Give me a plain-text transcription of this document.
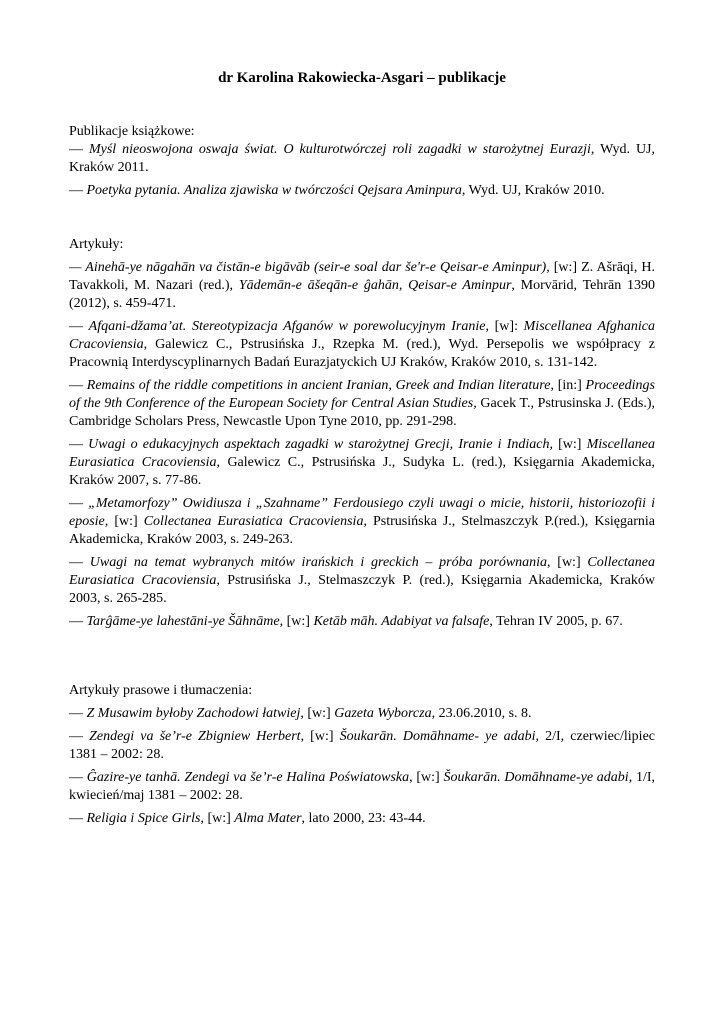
dr Karolina Rakowiecka-Asgari – publikacje
Publikacje książkowe:
— Myśl nieoswojona oswaja świat. O kulturotwórczej roli zagadki w starożytnej Eurazji, Wyd. UJ, Kraków 2011.
— Poetyka pytania. Analiza zjawiska w twórczości Qejsara Aminpura, Wyd. UJ, Kraków 2010.
Artykuły:
— Ainehā-ye nāgahān va čistān-e bigāvāb (seir-e soal dar še'r-e Qeisar-e Aminpur), [w:] Z. Ašrāqi, H. Tavakkoli, M. Nazari (red.), Yādemān-e āšeqān-e ĝahān, Qeisar-e Aminpur, Morvārid, Tehrān 1390 (2012), s. 459-471.
— Afqani-džama’at. Stereotypizacja Afganów w porewolucyjnym Iranie, [w]: Miscellanea Afghanica Cracoviensia, Galewicz C., Pstrusińska J., Rzepka M. (red.), Wyd. Persepolis we współpracy z Pracownią Interdyscyplinarnych Badań Eurazjatyckich UJ Kraków, Kraków 2010, s. 131-142.
— Remains of the riddle competitions in ancient Iranian, Greek and Indian literature, [in:] Proceedings of the 9th Conference of the European Society for Central Asian Studies, Gacek T., Pstrusinska J. (Eds.), Cambridge Scholars Press, Newcastle Upon Tyne 2010, pp. 291-298.
— Uwagi o edukacyjnych aspektach zagadki w starożytnej Grecji, Iranie i Indiach, [w:] Miscellanea Eurasiatica Cracoviensia, Galewicz C., Pstrusińska J., Sudyka L. (red.), Księgarnia Akademicka, Kraków 2007, s. 77-86.
— „Metamorfozy” Owidiusza i „Szahname” Ferdousiego czyli uwagi o micie, historii, historiozofii i eposie, [w:] Collectanea Eurasiatica Cracoviensia, Pstrusińska J., Stelmaszczyk P.(red.), Księgarnia Akademicka, Kraków 2003, s. 249-263.
— Uwagi na temat wybranych mitów irańskich i greckich – próba porównania, [w:] Collectanea Eurasiatica Cracoviensia, Pstrusińska J., Stelmaszczyk P. (red.), Księgarnia Akademicka, Kraków 2003, s. 265-285.
— Tarĝāme-ye lahestāni-ye Šāhnāme, [w:] Ketāb māh. Adabiyat va falsafe, Tehran IV 2005, p. 67.
Artykuły prasowe i tłumaczenia:
— Z Musawim byłoby Zachodowi łatwiej, [w:] Gazeta Wyborcza, 23.06.2010, s. 8.
— Zendegi va še’r-e Zbigniew Herbert, [w:] Šoukarān. Domāhname- ye adabi, 2/I, czerwiec/lipiec 1381 – 2002: 28.
— Ĝazire-ye tanhā. Zendegi va še’r-e Halina Poświatowska, [w:] Šoukarān. Domāhname-ye adabi, 1/I, kwiecień/maj 1381 – 2002: 28.
— Religia i Spice Girls, [w:] Alma Mater, lato 2000, 23: 43-44.
